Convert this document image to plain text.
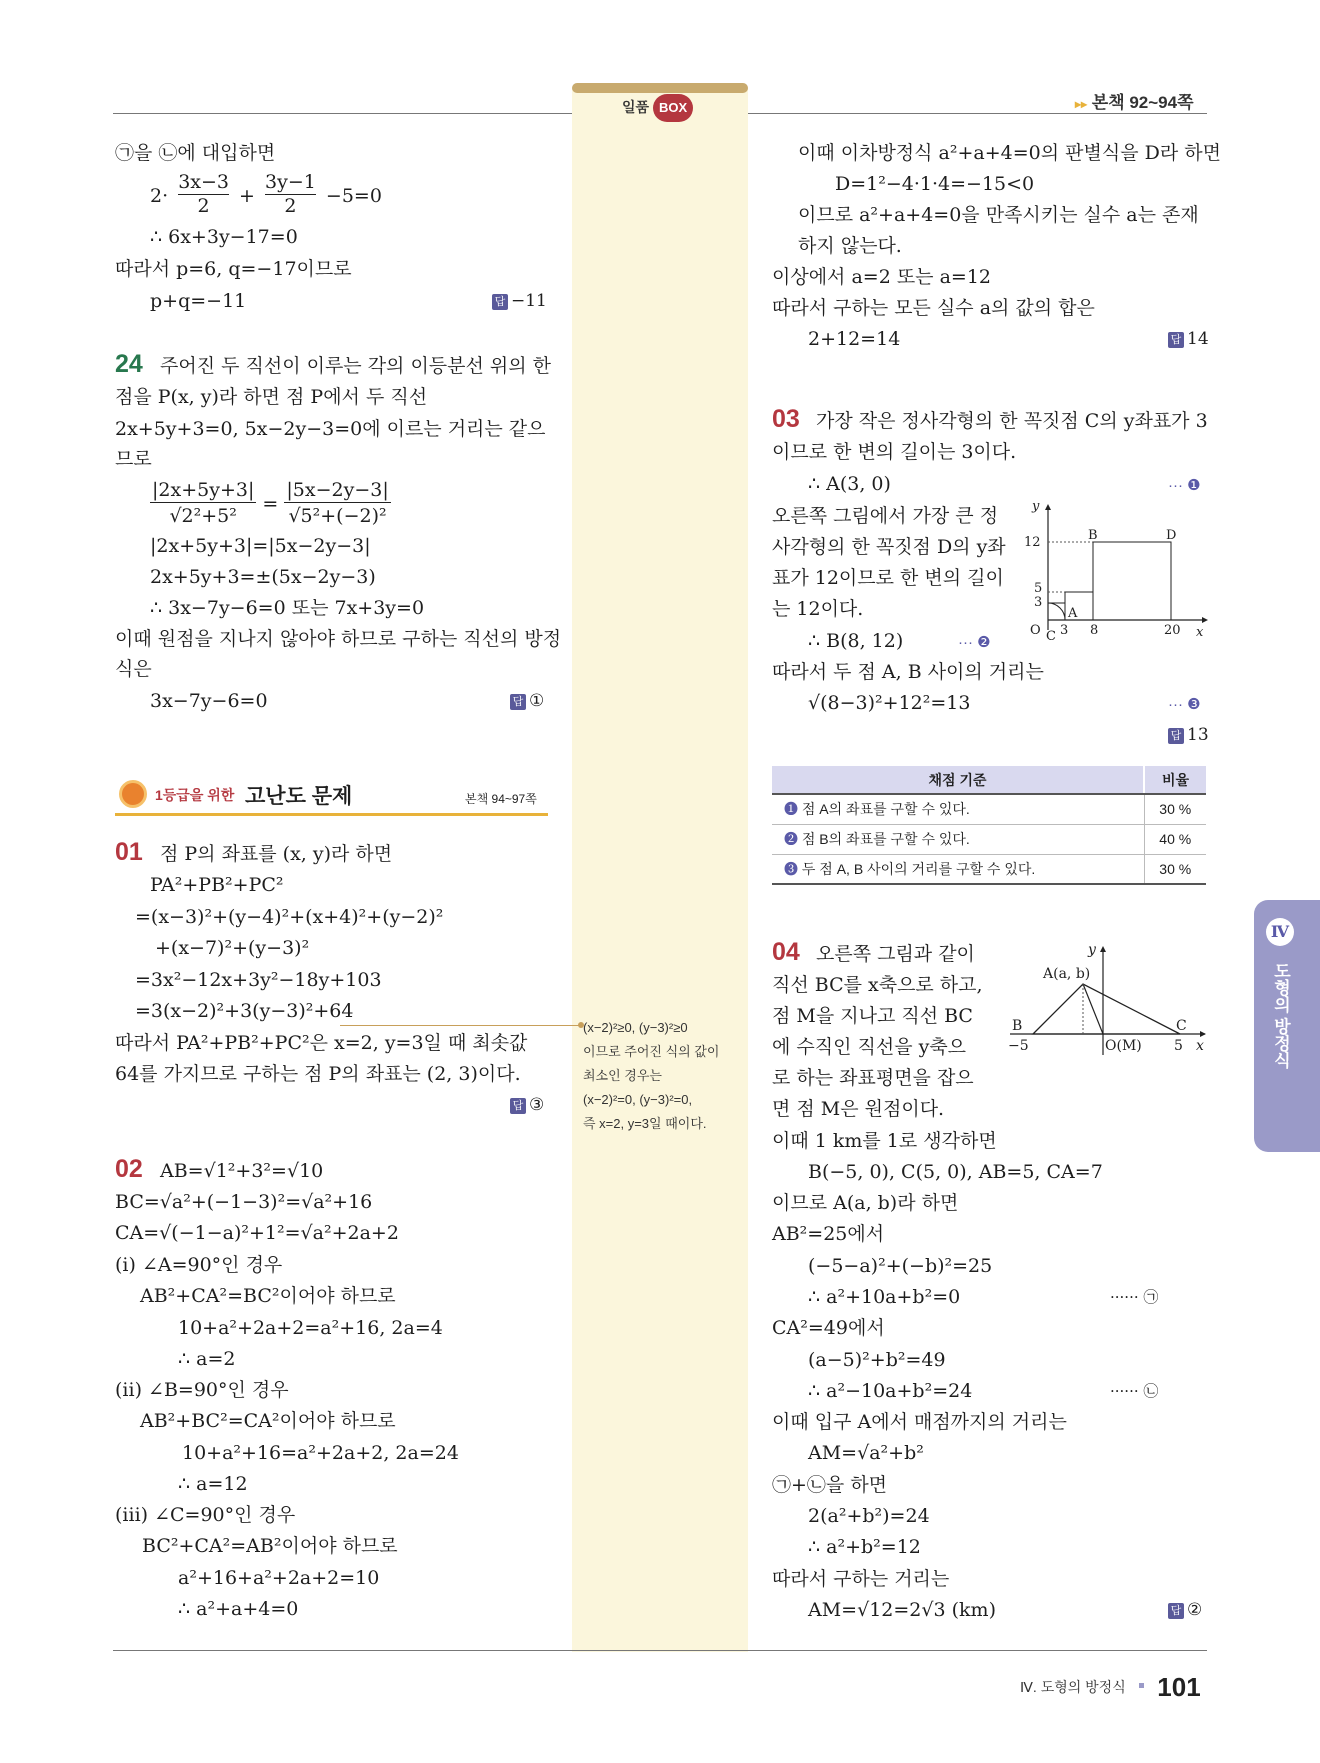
일품 BOX	▸▸ 본책 92~94쪽
㉠을 ㉡에 대입하면
$2\cdot \frac{3x-3}{2} + \frac{3y-1}{2} -5=0$
∴ 6x+3y−17=0
따라서 p=6, q=−17이므로
p+q=−11	답 −11
24 주어진 두 직선이 이루는 각의 이등분선 위의 한
점을 P(x, y)라 하면 점 P에서 두 직선
2x+5y+3=0, 5x−2y−3=0에 이르는 거리는 같으
므로
$\frac{|2x+5y+3|}{\text{√2²+5²}} = \frac{|5x-2y-3|}{\text{√5²+(−2)²}}$
|2x+5y+3|=|5x−2y−3|
2x+5y+3=±(5x−2y−3)
∴ 3x−7y−6=0 또는 7x+3y=0
이때 원점을 지나지 않아야 하므로 구하는 직선의 방정
식은
3x−7y−6=0	답 ①
1등급을 위한 고난도 문제	본책 94~97쪽
01 점 P의 좌표를 (x, y)라 하면
PA²+PB²+PC²
=(x−3)²+(y−4)²+(x+4)²+(y−2)²
+(x−7)²+(y−3)²
=3x²−12x+3y²−18y+103
=3(x−2)²+3(y−3)²+64
따라서 PA²+PB²+PC²은 x=2, y=3일 때 최솟값
64를 가지므로 구하는 점 P의 좌표는 (2, 3)이다.
답 ③
02 AB=√1²+3²=√10
BC=√a²+(−1−3)²=√a²+16
CA=√(−1−a)²+1²=√a²+2a+2
(i) ∠A=90°인 경우
AB²+CA²=BC²이어야 하므로
10+a²+2a+2=a²+16, 2a=4
∴ a=2
(ii) ∠B=90°인 경우
AB²+BC²=CA²이어야 하므로
10+a²+16=a²+2a+2, 2a=24
∴ a=12
(iii) ∠C=90°인 경우
BC²+CA²=AB²이어야 하므로
a²+16+a²+2a+2=10
∴ a²+a+4=0
(x−2)²≥0, (y−3)²≥0
이므로 주어진 식의 값이
최소인 경우는
(x−2)²=0, (y−3)²=0,
즉 x=2, y=3일 때이다.
이때 이차방정식 a²+a+4=0의 판별식을 D라 하면
D=1²−4·1·4=−15<0
이므로 a²+a+4=0을 만족시키는 실수 a는 존재
하지 않는다.
이상에서 a=2 또는 a=12
따라서 구하는 모든 실수 a의 값의 합은
2+12=14	답 14
03 가장 작은 정사각형의 한 꼭짓점 C의 y좌표가 3
이므로 한 변의 길이는 3이다.
∴ A(3, 0)	··· ❶
오른쪽 그림에서 가장 큰 정
사각형의 한 꼭짓점 D의 y좌
표가 12이므로 한 변의 길이
는 12이다.
∴ B(8, 12)	··· ❷
따라서 두 점 A, B 사이의 거리는
√(8−3)²+12²=13	··· ❸
답 13
y
x
O C
A
B	D
12
5
3
3 8	20
채점 기준	비율
❶ 점 A의 좌표를 구할 수 있다.	30 %
❷ 점 B의 좌표를 구할 수 있다.	40 %
❸ 두 점 A, B 사이의 거리를 구할 수 있다.	30 %
04 오른쪽 그림과 같이
직선 BC를 x축으로 하고,
점 M을 지나고 직선 BC
에 수직인 직선을 y축으
로 하는 좌표평면을 잡으
면 점 M은 원점이다.
이때 1 km를 1로 생각하면
B(−5, 0), C(5, 0), AB=5, CA=7
이므로 A(a, b)라 하면
AB²=25에서
(−5−a)²+(−b)²=25
∴ a²+10a+b²=0	······ ㉠
CA²=49에서
(a−5)²+b²=49
∴ a²−10a+b²=24	······ ㉡
이때 입구 A에서 매점까지의 거리는
AM=√a²+b²
㉠+㉡을 하면
2(a²+b²)=24
∴ a²+b²=12
따라서 구하는 거리는
AM=√12=2√3 (km)	답 ②
y
x
A(a, b)
B	C
O(M)
−5	5
Ⅳ
도형의 방정식
$^{Ⅳ. 도형의 방정식}$ 101
